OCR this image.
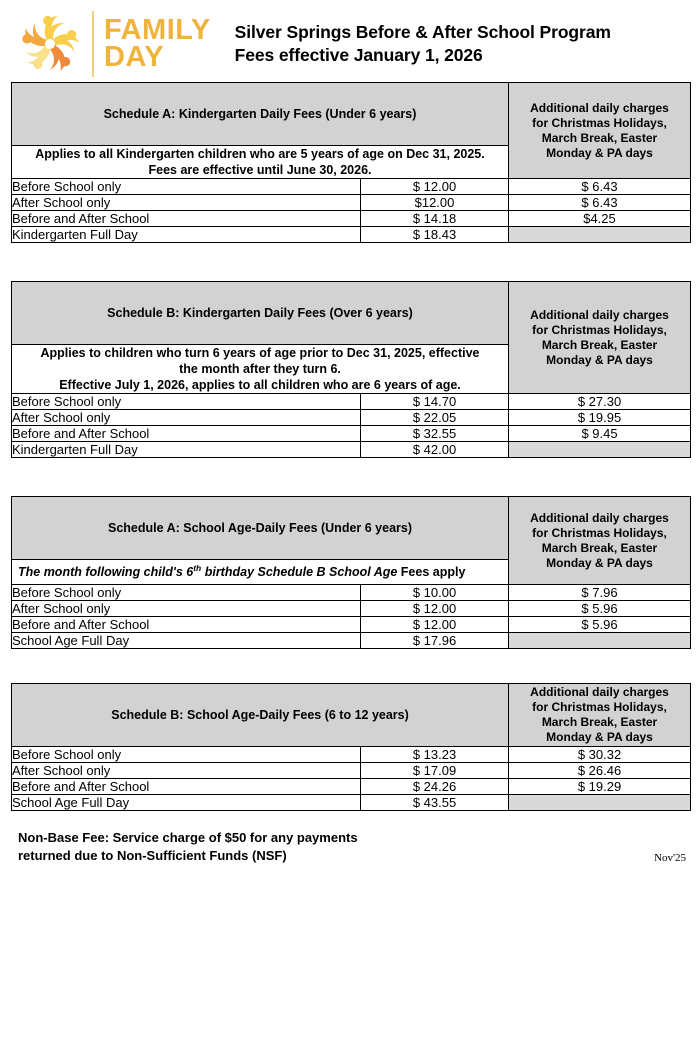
FAMILY
DAY
Silver Springs Before & After School Program
Fees effective January 1, 2026
Schedule A: Kindergarten Daily Fees (Under 6 years)		Additional daily charges
for Christmas Holidays,
March Break, Easter
Monday & PA days

Applies to all Kindergarten children who are 5 years of age on Dec 31, 2025.
Fees are effective until June 30, 2026.		

Before School only	$ 12.00	$ 6.43
After School only	$12.00	$ 6.43
Before and After School	$ 14.18	$4.25
Kindergarten Full Day	$ 18.43	
Schedule B: Kindergarten Daily Fees (Over 6 years)		Additional daily charges
for Christmas Holidays,
March Break, Easter
Monday & PA days

Applies to children who turn 6 years of age prior to Dec 31, 2025, effective
the month after they turn 6.
Effective July 1, 2026, applies to all children who are 6 years of age.		

Before School only	$ 14.70	$ 27.30
After School only	$ 22.05	$ 19.95
Before and After School	$ 32.55	$ 9.45
Kindergarten Full Day	$ 42.00	
Schedule A: School Age-Daily Fees (Under 6 years)		Additional daily charges
for Christmas Holidays,
March Break, Easter
Monday & PA days

The month following child's 6th birthday Schedule B School Age Fees apply		
Before School only	$ 10.00	$ 7.96
After School only	$ 12.00	$ 5.96
Before and After School	$ 12.00	$ 5.96
School Age Full Day	$ 17.96	
Schedule B: School Age-Daily Fees (6 to 12 years)		Additional daily charges
for Christmas Holidays,
March Break, Easter
Monday & PA days

Before School only	$ 13.23	$ 30.32
After School only	$ 17.09	$ 26.46
Before and After School	$ 24.26	$ 19.29
School Age Full Day	$ 43.55	
Non-Base Fee: Service charge of $50 for any payments
returned due to Non-Sufficient Funds (NSF)	Nov'25
